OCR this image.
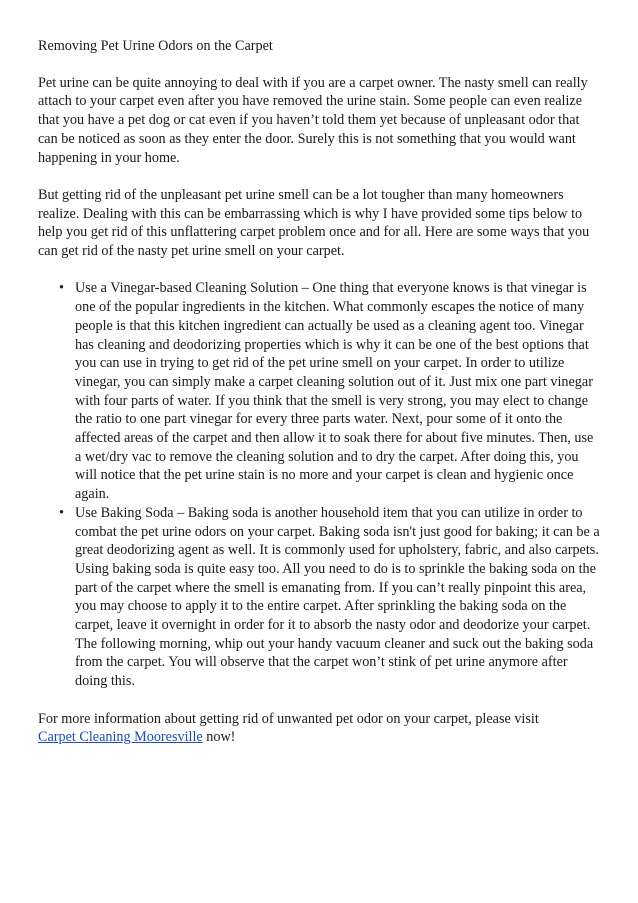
Removing Pet Urine Odors on the Carpet

Pet urine can be quite annoying to deal with if you are a carpet owner. The nasty smell can really attach to your carpet even after you have removed the urine stain. Some people can even realize that you have a pet dog or cat even if you haven’t told them yet because of unpleasant odor that can be noticed as soon as they enter the door. Surely this is not something that you would want happening in your home.

But getting rid of the unpleasant pet urine smell can be a lot tougher than many homeowners realize. Dealing with this can be embarrassing which is why I have provided some tips below to help you get rid of this unflattering carpet problem once and for all. Here are some ways that you can get rid of the nasty pet urine smell on your carpet.

• Use a Vinegar-based Cleaning Solution – One thing that everyone knows is that vinegar is one of the popular ingredients in the kitchen. What commonly escapes the notice of many people is that this kitchen ingredient can actually be used as a cleaning agent too. Vinegar has cleaning and deodorizing properties which is why it can be one of the best options that you can use in trying to get rid of the pet urine smell on your carpet. In order to utilize vinegar, you can simply make a carpet cleaning solution out of it. Just mix one part vinegar with four parts of water. If you think that the smell is very strong, you may elect to change the ratio to one part vinegar for every three parts water. Next, pour some of it onto the affected areas of the carpet and then allow it to soak there for about five minutes. Then, use a wet/dry vac to remove the cleaning solution and to dry the carpet. After doing this, you will notice that the pet urine stain is no more and your carpet is clean and hygienic once again.
• Use Baking Soda – Baking soda is another household item that you can utilize in order to combat the pet urine odors on your carpet. Baking soda isn't just good for baking; it can be a great deodorizing agent as well. It is commonly used for upholstery, fabric, and also carpets. Using baking soda is quite easy too. All you need to do is to sprinkle the baking soda on the part of the carpet where the smell is emanating from. If you can’t really pinpoint this area, you may choose to apply it to the entire carpet. After sprinkling the baking soda on the carpet, leave it overnight in order for it to absorb the nasty odor and deodorize your carpet. The following morning, whip out your handy vacuum cleaner and suck out the baking soda from the carpet. You will observe that the carpet won’t stink of pet urine anymore after doing this.

For more information about getting rid of unwanted pet odor on your carpet, please visit
Carpet Cleaning Mooresville now!
